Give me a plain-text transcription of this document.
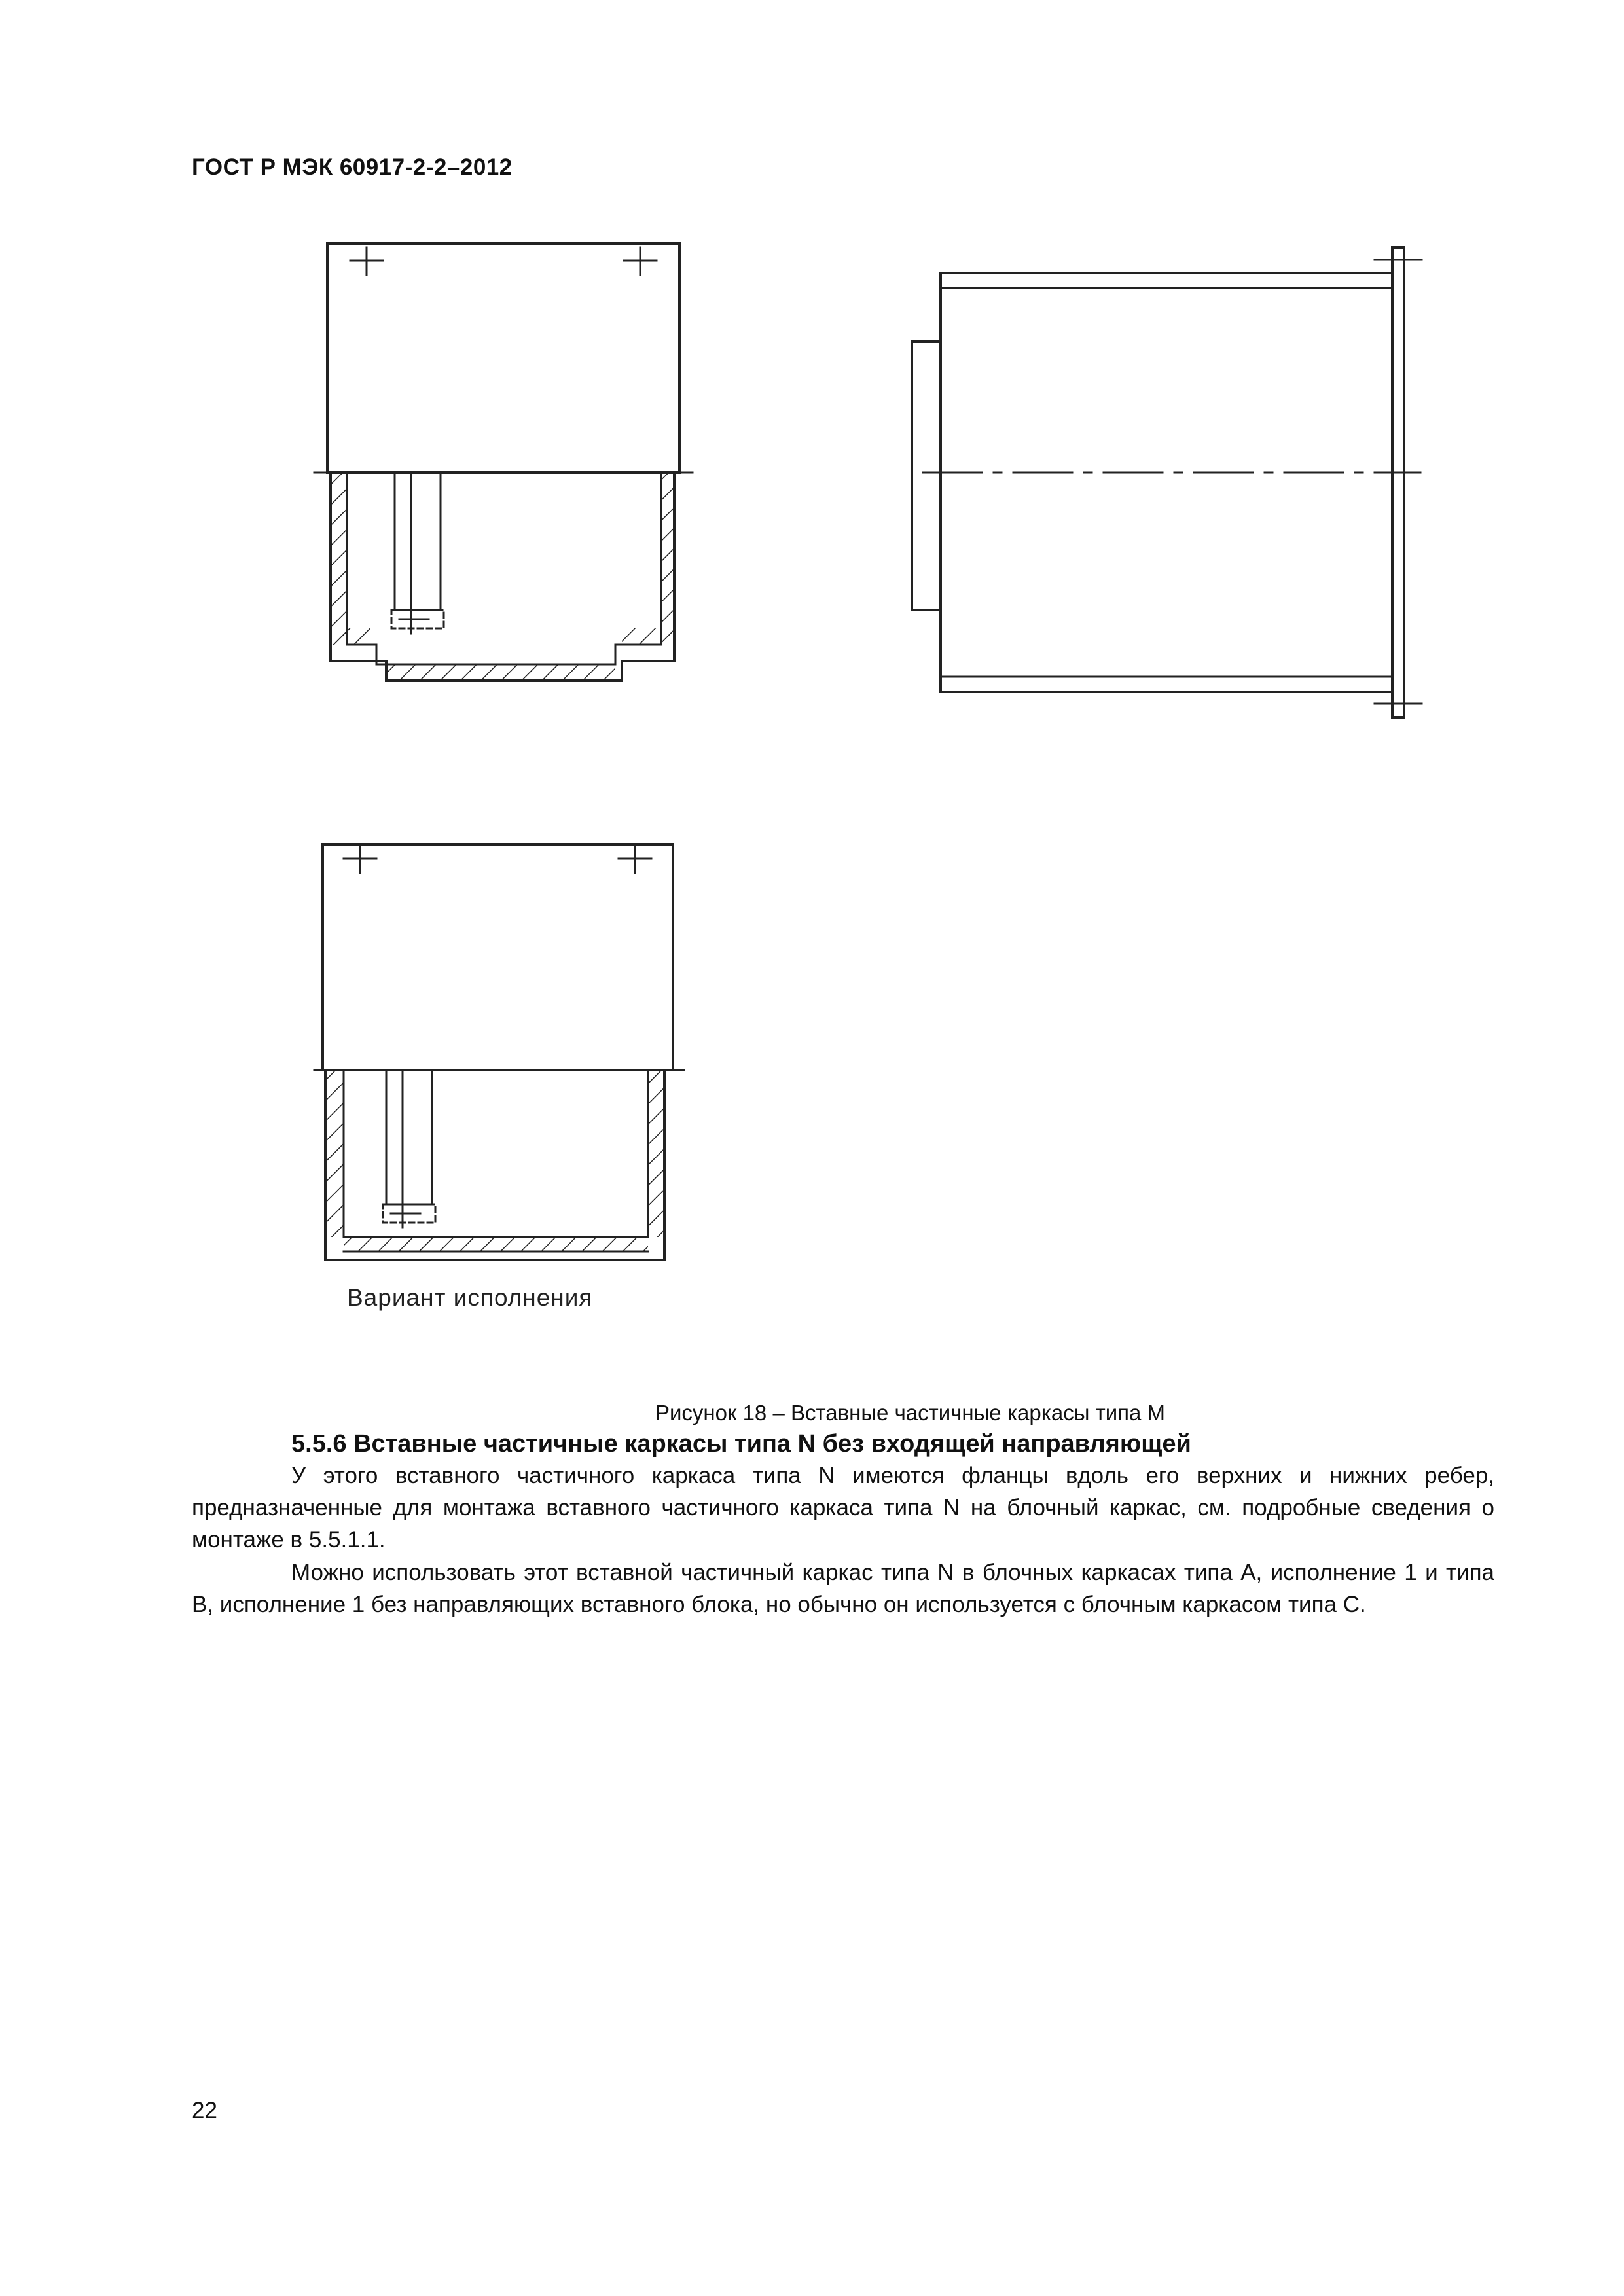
ГОСТ Р МЭК 60917-2-2–2012
Вариант исполнения
Рисунок 18 – Вставные частичные каркасы типа M
5.5.6 Вставные частичные каркасы типа N без входящей направляющей

У этого вставного частичного каркаса типа N имеются фланцы вдоль его верхних и нижних ребер, предназначенные для монтажа вставного частичного каркаса типа N на блочный каркас, см. подробные сведения о монтаже в 5.5.1.1.

Можно использовать этот вставной частичный каркас типа N в блочных каркасах типа A, исполнение 1 и типа B, исполнение 1 без направляющих вставного блока, но обычно он используется с блочным каркасом типа C.

22
